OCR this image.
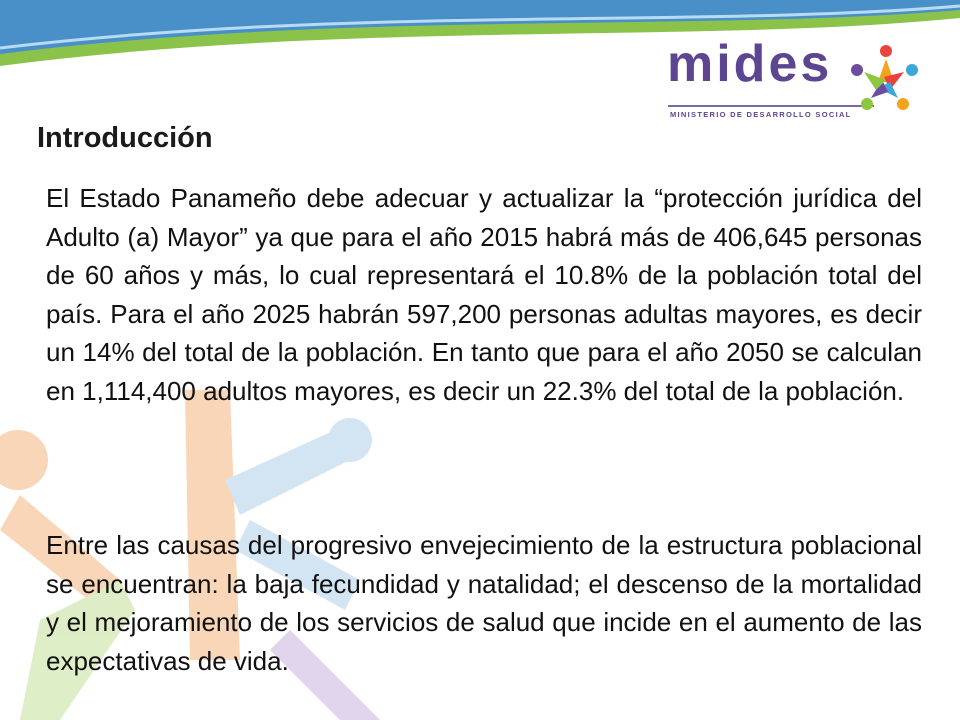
mides
MINISTERIO DE DESARROLLO SOCIAL
Introducción

El Estado Panameño debe adecuar y actualizar la “protección jurídica del Adulto (a) Mayor” ya que para el año 2015 habrá más de 406,645 personas de 60 años y más, lo cual representará el 10.8% de la población total del país. Para el año 2025 habrán 597,200 personas adultas mayores, es decir un 14% del total de la población. En tanto que para el año 2050 se calculan en 1,114,400 adultos mayores, es decir un 22.3% del total de la población.

Entre las causas del progresivo envejecimiento de la estructura poblacional se encuentran: la baja fecundidad y natalidad; el descenso de la mortalidad y el mejoramiento de los servicios de salud que incide en el aumento de las expectativas de vida.
